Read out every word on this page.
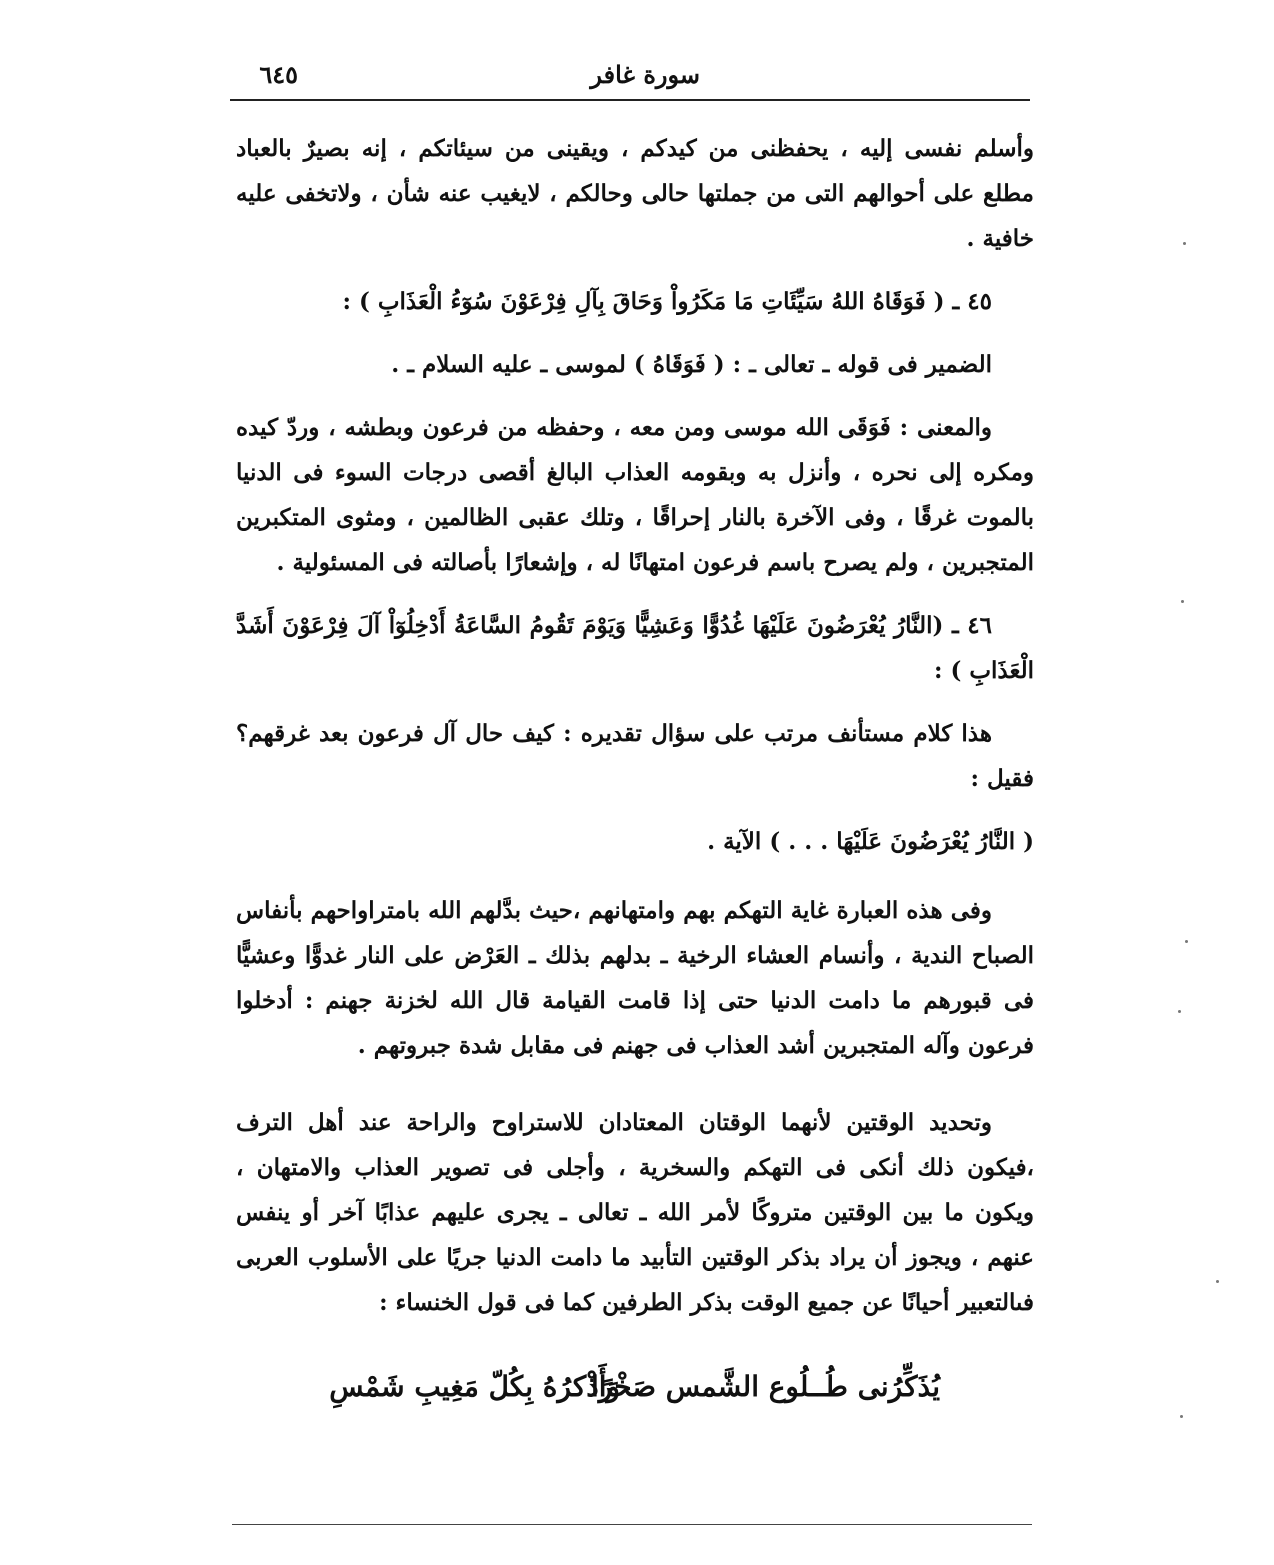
سورة غافر
٦٤٥

وأسلم نفسى إليه ، يحفظنى من كيدكم ، ويقينى من سيئاتكم ، إنه بصيرٌ بالعباد مطلع على أحوالهم التى من جملتها حالى وحالكم ، لايغيب عنه شأن ، ولاتخفى عليه خافية .

٤٥ ـ ( فَوَقَاهُ اللهُ سَيِّئَاتِ مَا مَكَرُواْ وَحَاقَ بِآلِ فِرْعَوْنَ سُوٓءُ الْعَذَابِ ) :

الضمير فى قوله ـ تعالى ـ : ( فَوَقَاهُ ) لموسى ـ عليه السلام ـ .

والمعنى : فَوَقَى الله موسى ومن معه ، وحفظه من فرعون وبطشه ، وردّ كيده ومكره إلى نحره ، وأنزل به وبقومه العذاب البالغ أقصى درجات السوء فى الدنيا بالموت غرقًا ، وفى الآخرة بالنار إحراقًا ، وتلك عقبى الظالمين ، ومثوى المتكبرين المتجبرين ، ولم يصرح باسم فرعون امتهانًا له ، وإشعارًا بأصالته فى المسئولية .

٤٦ ـ (النَّارُ يُعْرَضُونَ عَلَيْهَا غُدُوًّا وَعَشِيًّا وَيَوْمَ تَقُومُ السَّاعَةُ أَدْخِلُوٓاْ آلَ فِرْعَوْنَ أَشَدَّ الْعَذَابِ ) :

هذا كلام مستأنف مرتب على سؤال تقديره : كيف حال آل فرعون بعد غرقهم؟ فقيل :

( النَّارُ يُعْرَضُونَ عَلَيْهَا . . . ) الآية .

وفى هذه العبارة غاية التهكم بهم وامتهانهم ،حيث بدَّلهم الله بامتراواحهم بأنفاس الصباح الندية ، وأنسام العشاء الرخية ـ بدلهم بذلك ـ العَرْض على النار غدوًّا وعشيًّا فى قبورهم ما دامت الدنيا حتى إذا قامت القيامة قال الله لخزنة جهنم : أدخلوا فرعون وآله المتجبرين أشد العذاب فى جهنم فى مقابل شدة جبروتهم .

وتحديد الوقتين لأنهما الوقتان المعتادان للاستراوح والراحة عند أهل الترف ،فيكون ذلك أنكى فى التهكم والسخرية ، وأجلى فى تصوير العذاب والامتهان ، ويكون ما بين الوقتين متروكًا لأمر الله ـ تعالى ـ يجرى عليهم عذابًا آخر أو ينفس عنهم ، ويجوز أن يراد بذكر الوقتين التأبيد ما دامت الدنيا جريًا على الأسلوب العربى فىالتعبير أحيانًا عن جميع الوقت بذكر الطرفين كما فى قول الخنساء :

يُذَكِّرُنى طُــلُوع الشَّمس صَخْرًا
وَأَذْكرُهُ بِكُلّ مَغِيبِ شَمْسِ
